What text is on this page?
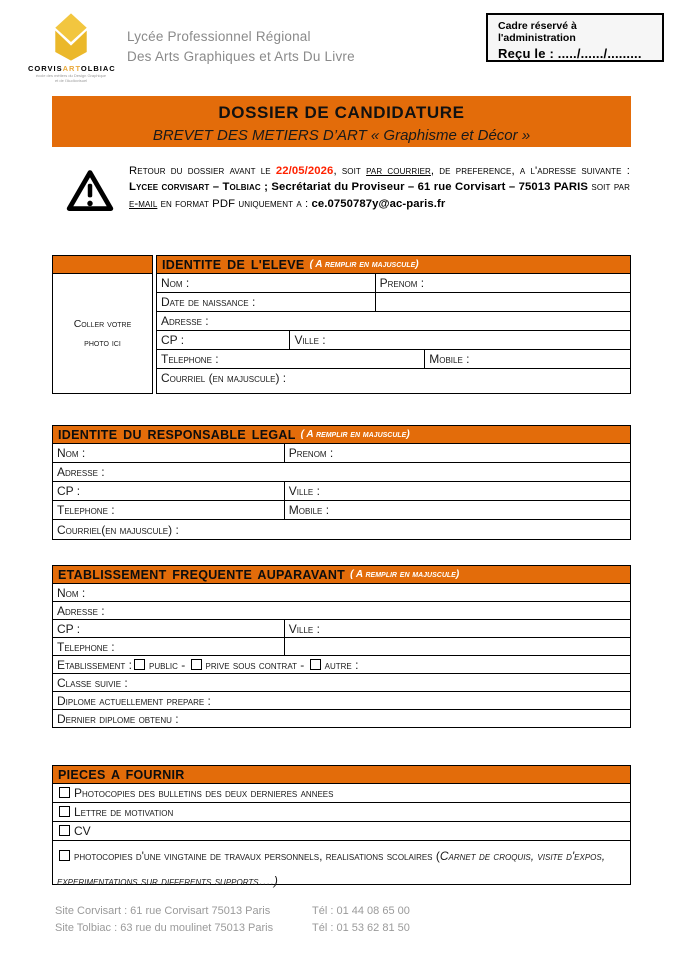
CORVISARTOLBIAC
école des métiers du Design Graphique
et de l'Audiovisuel
Lycée Professionnel Régional
Des Arts Graphiques et Arts Du Livre
Cadre réservé à l'administration
Reçu le : ...../....../.........
DOSSIER DE CANDIDATURE
BREVET DES METIERS D’ART « Graphisme et Décor »

Retour du dossier avant le 22/05/2026, soit par courrier, de preference, a l'adresse suivante : Lycee corvisart – Tolbiac ; Secrétariat du Proviseur – 61 rue Corvisart – 75013 PARIS soit par e-mail en format PDF uniquement a : ce.0750787y@ac-paris.fr

Coller votre photo ici
IDENTITE DE L'ELEVE ( A remplir en majuscule)
Nom :	Prenom :
Date de naissance :
Adresse :
CP :	Ville :
Telephone :	Mobile :
Courriel (en majuscule) :
IDENTITE DU RESPONSABLE LEGAL ( A remplir en majuscule)
Nom :	Prenom :
Adresse :
CP :	Ville :
Telephone :	Mobile :
Courriel(en majuscule) :
ETABLISSEMENT FREQUENTE AUPARAVANT ( A remplir en majuscule)
Nom :
Adresse :
CP :	Ville :
Telephone :
Etablissement : public - prive sous contrat - autre :
Classe suivie :
Diplome actuellement prepare :
Dernier diplome obtenu :
PIECES A FOURNIR
Photocopies des bulletins des deux dernieres annees
Lettre de motivation
CV
photocopies d'une vingtaine de travaux personnels, realisations scolaires (Carnet de croquis, visite d'expos, experimentations sur differents supports….)
Site Corvisart : 61 rue Corvisart 75013 Paris	Tél : 01 44 08 65 00
Site Tolbiac : 63 rue du moulinet 75013 Paris	Tél : 01 53 62 81 50
